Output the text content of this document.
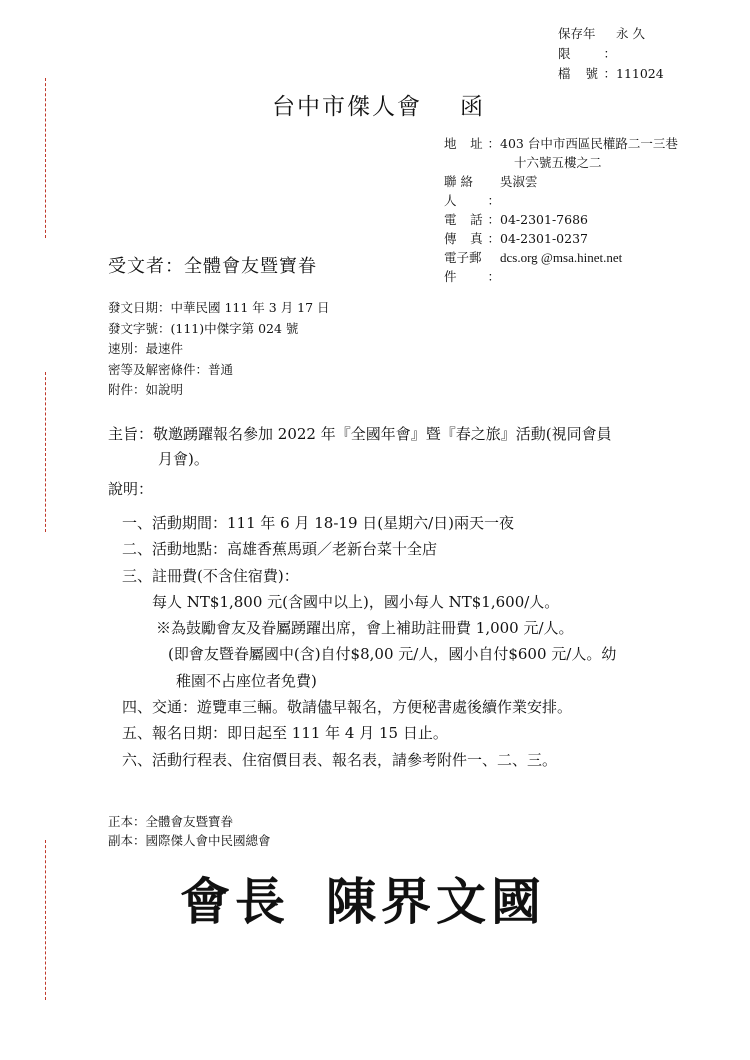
保存年限：
永 久
檔 號： 111024
台中市傑人會 函
地 址： 403 台中市西區民權路二一三巷
十六號五樓之二
聯 絡 人：
吳淑雲
電 話： 04-2301-7686
傳 真： 04-2301-0237
電子郵件：
dcs.org @msa.hinet.net
受文者：全體會友暨寶眷
發文日期：中華民國 111 年 3 月 17 日
發文字號：(111)中傑字第 024 號
速別：最速件
密等及解密條件：普通
附件：如說明
主旨：敬邀踴躍報名參加 2022 年『全國年會』暨『春之旅』活動(視同會員
月會)。
說明：
一、活動期間：111 年 6 月 18-19 日(星期六/日)兩天一夜
二、活動地點：高雄香蕉馬頭／老新台菜十全店
三、註冊費(不含住宿費)：
每人 NT$1,800 元(含國中以上)，國小每人 NT$1,600/人。
※為鼓勵會友及眷屬踴躍出席，會上補助註冊費 1,000 元/人。
(即會友暨眷屬國中(含)自付$8,00 元/人，國小自付$600 元/人。幼
稚園不占座位者免費)
四、交通：遊覽車三輛。敬請儘早報名，方便秘書處後續作業安排。
五、報名日期：即日起至 111 年 4 月 15 日止。
六、活動行程表、住宿價目表、報名表，請參考附件一、二、三。
正本：全體會友暨寶眷
副本：國際傑人會中民國總會
會長 陳界文國
